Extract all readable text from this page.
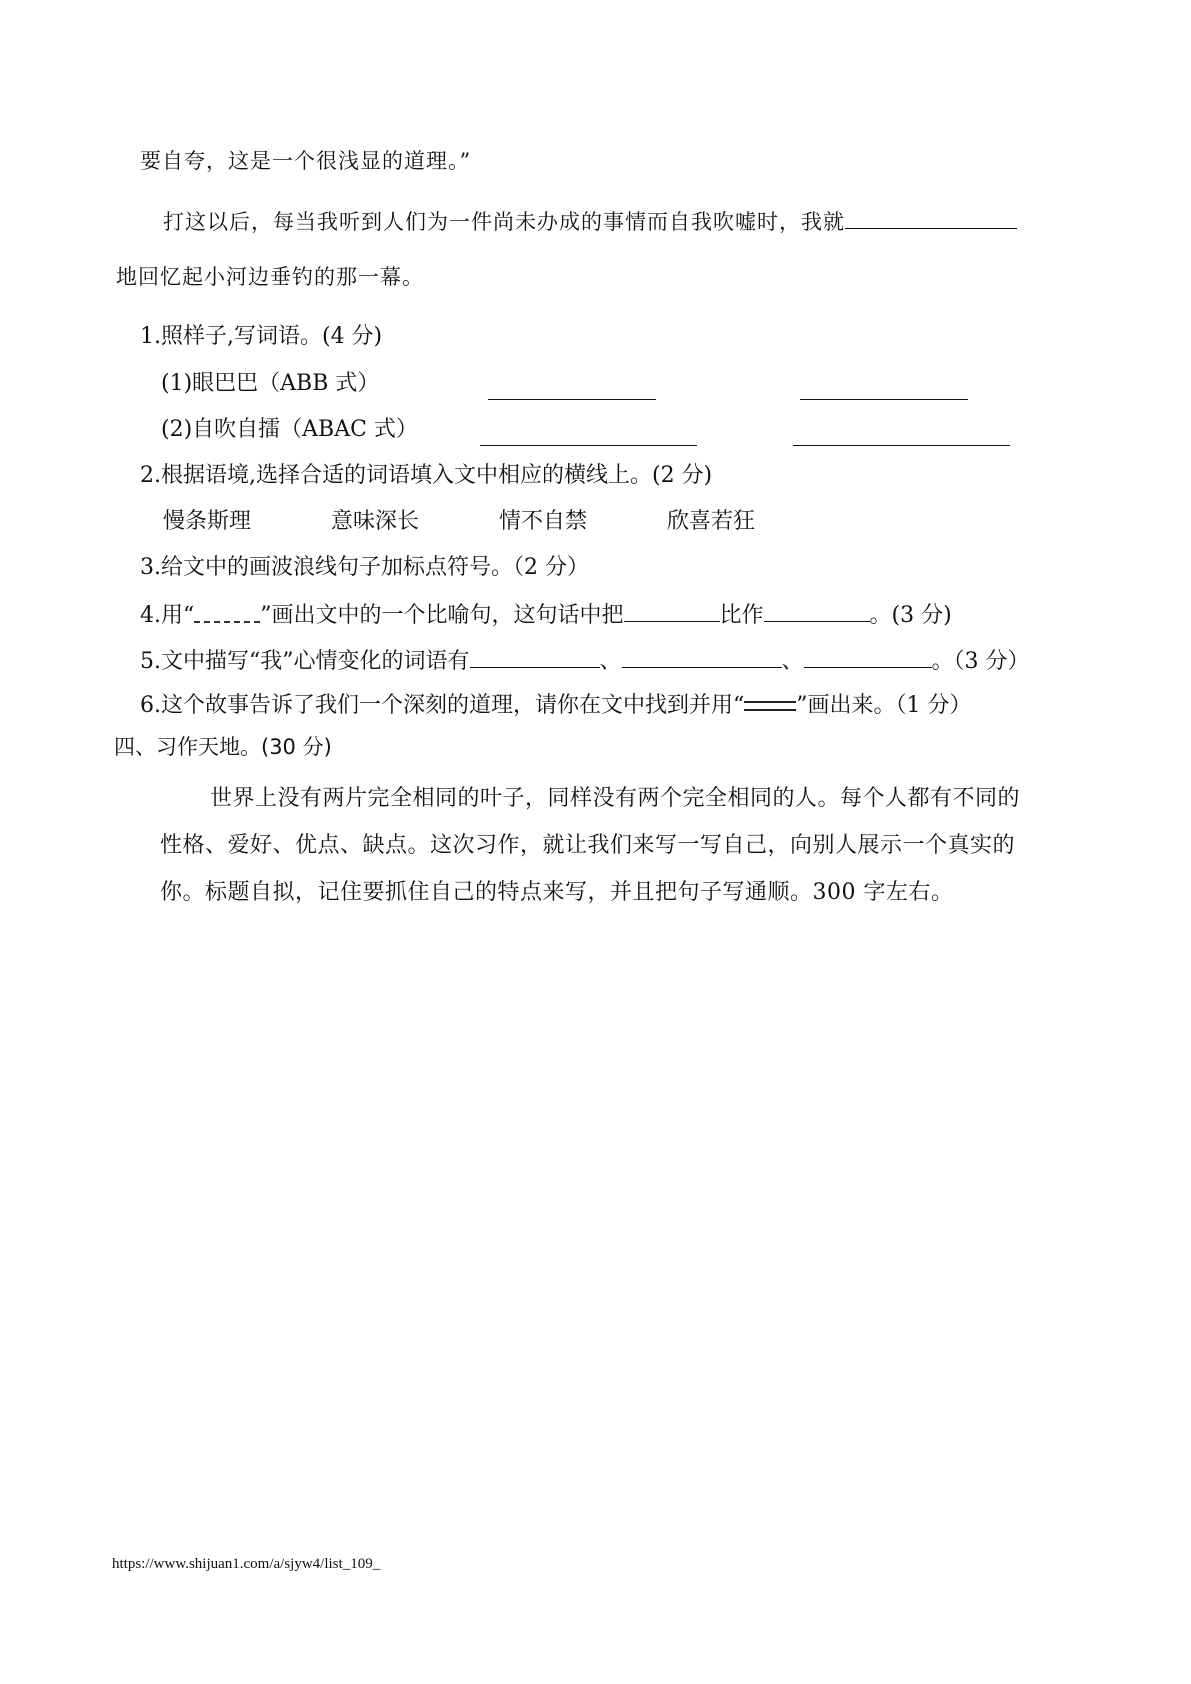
要自夸，这是一个很浅显的道理。”
打这以后，每当我听到人们为一件尚未办成的事情而自我吹嘘时，我就
地回忆起小河边垂钓的那一幕。
1.照样子,写词语。(4 分)
(1)眼巴巴（ABB 式）
(2)自吹自擂（ABAC 式）
2.根据语境,选择合适的词语填入文中相应的横线上。(2 分)
慢条斯理	意味深长	情不自禁	欣喜若狂
3.给文中的画波浪线句子加标点符号。（2 分）
4.用“	”画出文中的一个比喻句，这句话中把	比作	。(3 分)
5.文中描写“我”心情变化的词语有	、	、	。（3 分）
6.这个故事告诉了我们一个深刻的道理，请你在文中找到并用“ ”画出来。（1 分）
四、习作天地。(30 分)
世界上没有两片完全相同的叶子，同样没有两个完全相同的人。每个人都有不同的
性格、爱好、优点、缺点。这次习作，就让我们来写一写自己，向别人展示一个真实的
你。标题自拟，记住要抓住自己的特点来写，并且把句子写通顺。300 字左右。
https://www.shijuan1.com/a/sjyw4/list_109_
